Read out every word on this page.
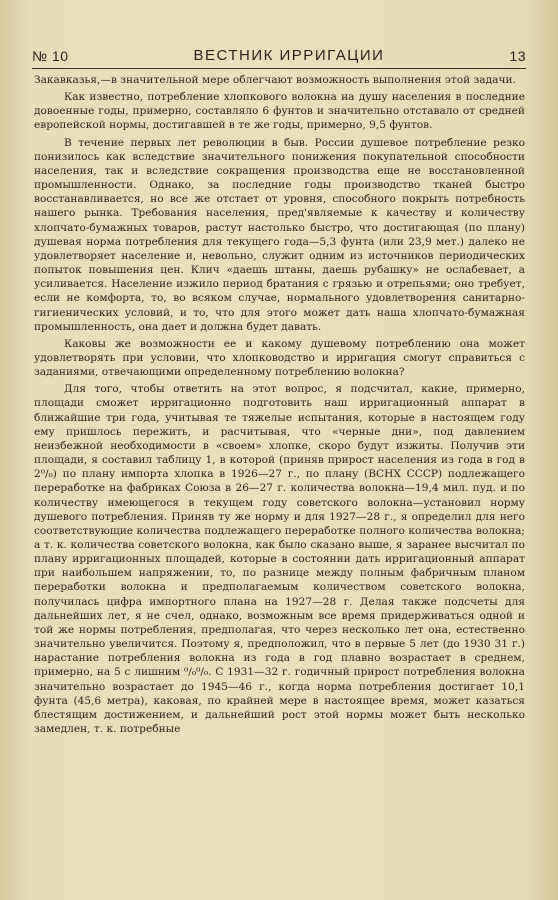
№ 10	ВЕСТНИК ИРРИГАЦИИ	13

Закавказья,—в значительной мере облегчают возможность выполнения этой задачи.

Как известно, потребление хлопкового волокна на душу населения в последние довоенные годы, примерно, составляло 6 фунтов и значительно отставало от средней европейской нормы, достигавшей в те же годы, примерно, 9,5 фунтов.

В течение первых лет революции в быв. России душевое потребление резко понизилось как вследствие значительного понижения покупательной способности населения, так и вследствие сокращения производства еще не восстановленной промышленности. Однако, за последние годы производство тканей быстро восстанавливается, но все же отстает от уровня, способного покрыть потребность нашего рынка. Требования населения, пред'являемые к качеству и количеству хлопчато-бумажных товаров, растут настолько быстро, что достигающая (по плану) душевая норма потребления для текущего года—5,3 фунта (или 23,9 мет.) далеко не удовлетворяет население и, невольно, служит одним из источников периодических попыток повышения цен. Клич «даешь штаны, даешь рубашку» не ослабевает, а усиливается. Население изжило период братания с грязью и отрепьями; оно требует, если не комфорта, то, во всяком случае, нормального удовлетворения санитарно-гигиенических условий, и то, что для этого может дать наша хлопчато-бумажная промышленность, она дает и должна будет давать.

Каковы же возможности ее и какому душевому потреблению она может удовлетворять при условии, что хлопководство и ирригация смогут справиться с заданиями, отвечающими определенному потреблению волокна?

Для того, чтобы ответить на этот вопрос, я подсчитал, какие, примерно, площади сможет ирригационно подготовить наш ирригационный аппарат в ближайшие три года, учитывая те тяжелые испытания, которые в настоящем году ему пришлось пережить, и расчитывая, что «черные дни», под давлением неизбежной необходимости в «своем» хлопке, скоро будут изжиты. Получив эти площади, я составил таблицу 1, в которой (приняв прирост населения из года в год в 2⁰/₀) по плану импорта хлопка в 1926—27 г., по плану (ВСНХ СССР) подлежащего переработке на фабриках Союза в 26—27 г. количества волокна—19,4 мил. пуд. и по количеству имеющегося в текущем году советского волокна—установил норму душевого потребления. Приняв ту же норму и для 1927—28 г., я определил для него соответствующие количества подлежащего переработке полного количества волокна; а т. к. количества советского волокна, как было сказано выше, я заранее высчитал по плану ирригационных площадей, которые в состоянии дать ирригационный аппарат при наибольшем напряжении, то, по разнице между полным фабричным планом переработки волокна и предполагаемым количеством советского волокна, получилась цифра импортного плана на 1927—28 г. Делая также подсчеты для дальнейших лет, я не счел, однако, возможным все время придерживаться одной и той же нормы потребления, предполагая, что через несколько лет она, естественно значительно увеличится. Поэтому я, предположил, что в первые 5 лет (до 1930 31 г.) нарастание потребления волокна из года в год плавно возрастает в среднем, примерно, на 5 с лишним ⁰/₀⁰/₀. С 1931—32 г. годичный прирост потребления волокна значительно возрастает до 1945—46 г., когда норма потребления достигает 10,1 фунта (45,6 метра), каковая, по крайней мере в настоящее время, может казаться блестящим достижением, и дальнейший рост этой нормы может быть несколько замедлен, т. к. потребные
